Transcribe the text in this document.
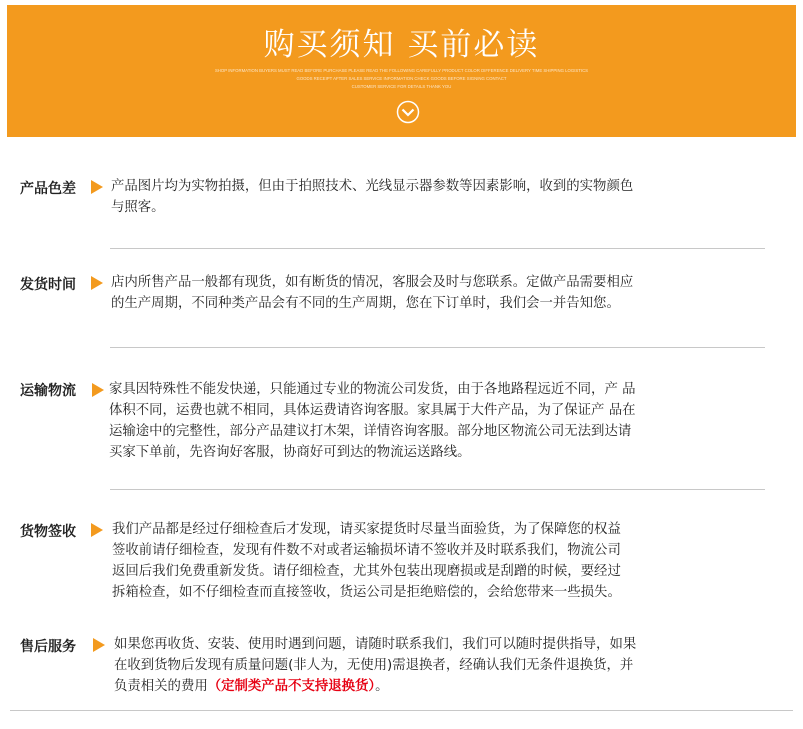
购买须知 买前必读
SHOP INFORMATION BUYERS MUST READ BEFORE PURCHASE PLEASE READ THE FOLLOWING CAREFULLY PRODUCT COLOR DIFFERENCE DELIVERY TIME SHIPPING LOGISTICS
GOODS RECEIPT AFTER SALES SERVICE INFORMATION CHECK GOODS BEFORE SIGNING CONTACT
CUSTOMER SERVICE FOR DETAILS THANK YOU
产品色差	产品图片均为实物拍摄，但由于拍照技术、光线显示器参数等因素影响，收到的实物颜色
与照客。
发货时间	店内所售产品一般都有现货，如有断货的情况，客服会及时与您联系。定做产品需要相应
的生产周期，不同种类产品会有不同的生产周期，您在下订单时，我们会一并告知您。
运输物流 家具因特殊性不能发快递，只能通过专业的物流公司发货，由于各地路程远近不同，产 品
体积不同，运费也就不相同，具体运费请咨询客服。家具属于大件产品，为了保证产 品在
运输途中的完整性，部分产品建议打木架，详情咨询客服。部分地区物流公司无法到达请
买家下单前，先咨询好客服，协商好可到达的物流运送路线。
货物签收	我们产品都是经过仔细检查后才发现，请买家提货时尽量当面验货，为了保障您的权益
签收前请仔细检查，发现有件数不对或者运输损坏请不签收并及时联系我们，物流公司
返回后我们免费重新发货。请仔细检查，尤其外包装出现磨损或是刮蹭的时候，要经过
拆箱检查，如不仔细检查而直接签收，货运公司是拒绝赔偿的，会给您带来一些损失。
售后服务	如果您再收货、安装、使用时遇到问题，请随时联系我们，我们可以随时提供指导，如果
在收到货物后发现有质量问题(非人为，无使用)需退换者，经确认我们无条件退换货，并
负责相关的费用（定制类产品不支持退换货）。
